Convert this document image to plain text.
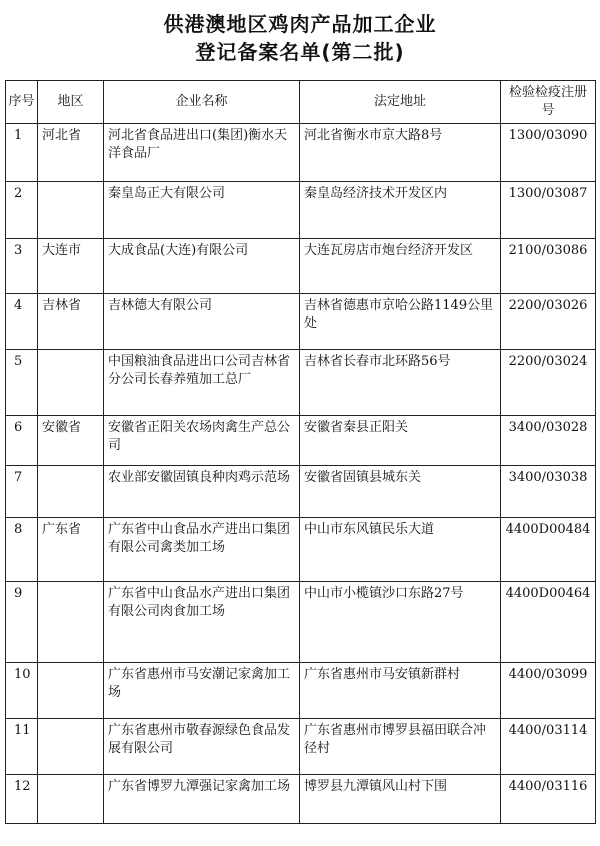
供港澳地区鸡肉产品加工企业
登记备案名单(第二批)
序号	地区	企业名称	法定地址	检验检疫注册号
1	河北省	河北省食品进出口(集团)衡水天洋食品厂	河北省衡水市京大路8号	1300/03090
2		秦皇岛正大有限公司	秦皇岛经济技术开发区内	1300/03087
3	大连市	大成食品(大连)有限公司	大连瓦房店市炮台经济开发区	2100/03086
4	吉林省	吉林德大有限公司	吉林省德惠市京哈公路1149公里处	2200/03026
5		中国粮油食品进出口公司吉林省分公司长春养殖加工总厂	吉林省长春市北环路56号	2200/03024
6	安徽省	安徽省正阳关农场肉禽生产总公司	安徽省秦县正阳关	3400/03028
7		农业部安徽固镇良种肉鸡示范场	安徽省固镇县城东关	3400/03038
8	广东省	广东省中山食品水产进出口集团有限公司禽类加工场	中山市东风镇民乐大道	4400D00484
9		广东省中山食品水产进出口集团有限公司肉食加工场	中山市小榄镇沙口东路27号	4400D00464
10		广东省惠州市马安潮记家禽加工场	广东省惠州市马安镇新群村	4400/03099
11		广东省惠州市敬春源绿色食品发展有限公司	广东省惠州市博罗县福田联合冲径村	4400/03114
12		广东省博罗九潭强记家禽加工场	博罗县九潭镇风山村下围	4400/03116
